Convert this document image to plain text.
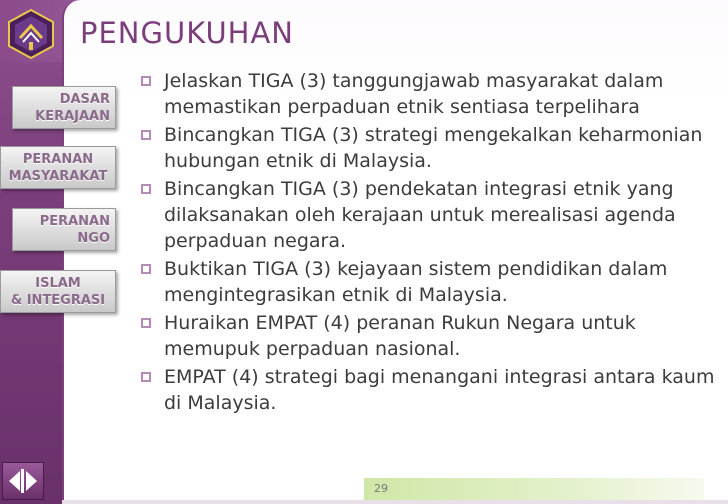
PENGUKUHAN
DASAR
KERAJAAN
PERANAN
MASYARAKAT
PERANAN
NGO
ISLAM
& INTEGRASI
Jelaskan TIGA (3) tanggungjawab masyarakat dalam memastikan perpaduan etnik sentiasa terpelihara
Bincangkan TIGA (3) strategi mengekalkan keharmonian hubungan etnik di Malaysia.
Bincangkan TIGA (3) pendekatan integrasi etnik yang dilaksanakan oleh kerajaan untuk merealisasi agenda perpaduan negara.
Buktikan TIGA (3) kejayaan sistem pendidikan dalam mengintegrasikan etnik di Malaysia.
Huraikan EMPAT (4) peranan Rukun Negara untuk memupuk perpaduan nasional.
EMPAT (4) strategi bagi menangani integrasi antara kaum di Malaysia.
29
